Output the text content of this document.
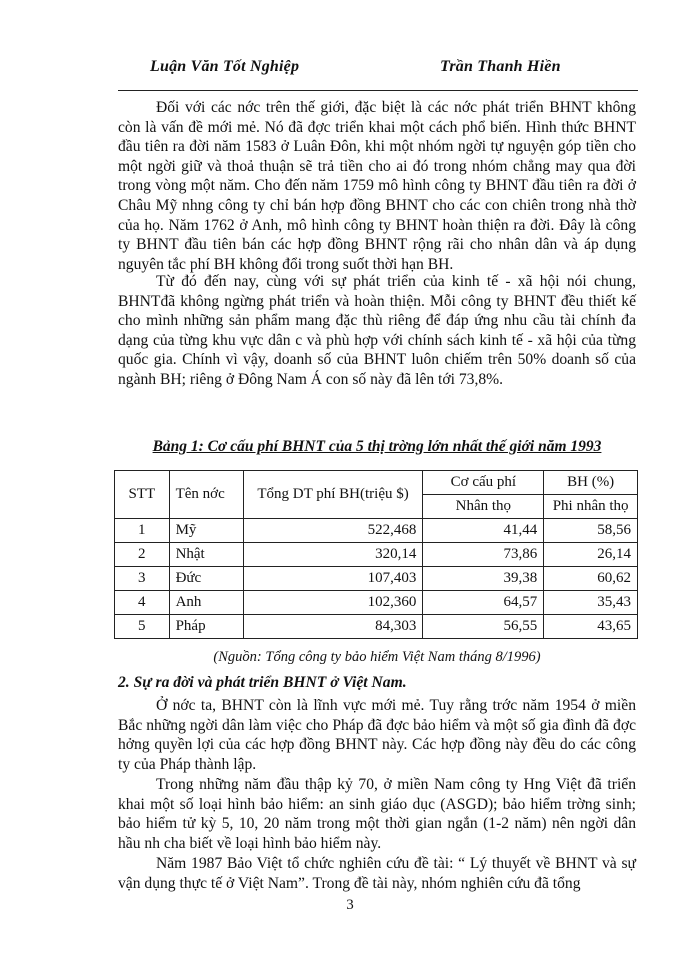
Luận Văn Tốt Nghiệp	Trần Thanh Hiền

Đối với các nớc trên thế giới, đặc biệt là các nớc phát triển BHNT không còn là vấn đề mới mẻ. Nó đã đợc triển khai một cách phổ biến. Hình thức BHNT đầu tiên ra đời năm 1583 ở Luân Đôn, khi một nhóm ngời tự nguyện góp tiền cho một ngời giữ và thoả thuận sẽ trả tiền cho ai đó trong nhóm chẳng may qua đời trong vòng một năm. Cho đến năm 1759 mô hình công ty BHNT đầu tiên ra đời ở Châu Mỹ nhng công ty chỉ bán hợp đồng BHNT cho các con chiên trong nhà thờ của họ. Năm 1762 ở Anh, mô hình công ty BHNT hoàn thiện ra đời. Đây là công ty BHNT đầu tiên bán các hợp đồng BHNT rộng rãi cho nhân dân và áp dụng nguyên tắc phí BH không đổi trong suốt thời hạn BH.

Từ đó đến nay, cùng với sự phát triển của kinh tế - xã hội nói chung, BHNTđã không ngừng phát triển và hoàn thiện. Mỗi công ty BHNT đều thiết kế cho mình những sản phẩm mang đặc thù riêng để đáp ứng nhu cầu tài chính đa dạng của từng khu vực dân c và phù hợp với chính sách kinh tế - xã hội của từng quốc gia. Chính vì vậy, doanh số của BHNT luôn chiếm trên 50% doanh số của ngành BH; riêng ở Đông Nam Á con số này đã lên tới 73,8%.

Bảng 1: Cơ cấu phí BHNT của 5 thị trờng lớn nhất thế giới năm 1993

STT	Tên nớc	Tổng DT phí BH(triệu $)	Cơ cấu phí	BH (%)
			Nhân thọ	Phi nhân thọ
1	Mỹ	522,468	41,44	58,56
2	Nhật	320,14	73,86	26,14
3	Đức	107,403	39,38	60,62
4	Anh	102,360	64,57	35,43
5	Pháp	84,303	56,55	43,65

(Nguồn: Tổng công ty bảo hiểm Việt Nam tháng 8/1996)

2. Sự ra đời và phát triển BHNT ở Việt Nam.

Ở nớc ta, BHNT còn là lĩnh vực mới mẻ. Tuy rằng trớc năm 1954 ở miền Bắc những ngời dân làm việc cho Pháp đã đợc bảo hiểm và một số gia đình đã đợc hởng quyền lợi của các hợp đồng BHNT này. Các hợp đồng này đều do các công ty của Pháp thành lập.

Trong những năm đầu thập kỷ 70, ở miền Nam công ty Hng Việt đã triển khai một số loại hình bảo hiểm: an sinh giáo dục (ASGD); bảo hiểm trờng sinh; bảo hiểm tử kỳ 5, 10, 20 năm trong một thời gian ngắn (1-2 năm) nên ngời dân hầu nh cha biết về loại hình bảo hiểm này.

Năm 1987 Bảo Việt tổ chức nghiên cứu đề tài: “ Lý thuyết về BHNT và sự vận dụng thực tế ở Việt Nam”. Trong đề tài này, nhóm nghiên cứu đã tổng

3
